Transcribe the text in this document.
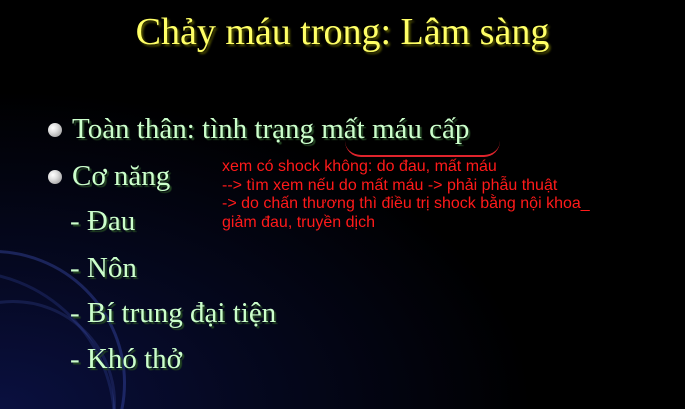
Chảy máu trong: Lâm sàng
Toàn thân: tình trạng mất máu cấp
Cơ năng
- Đau
- Nôn
- Bí trung đại tiện
- Khó thở
xem có shock không: do đau, mất máu
--> tìm xem nếu do mất máu -> phải phẫu thuật
-> do chấn thương thì điều trị shock bằng nội khoa_
giảm đau, truyền dịch
